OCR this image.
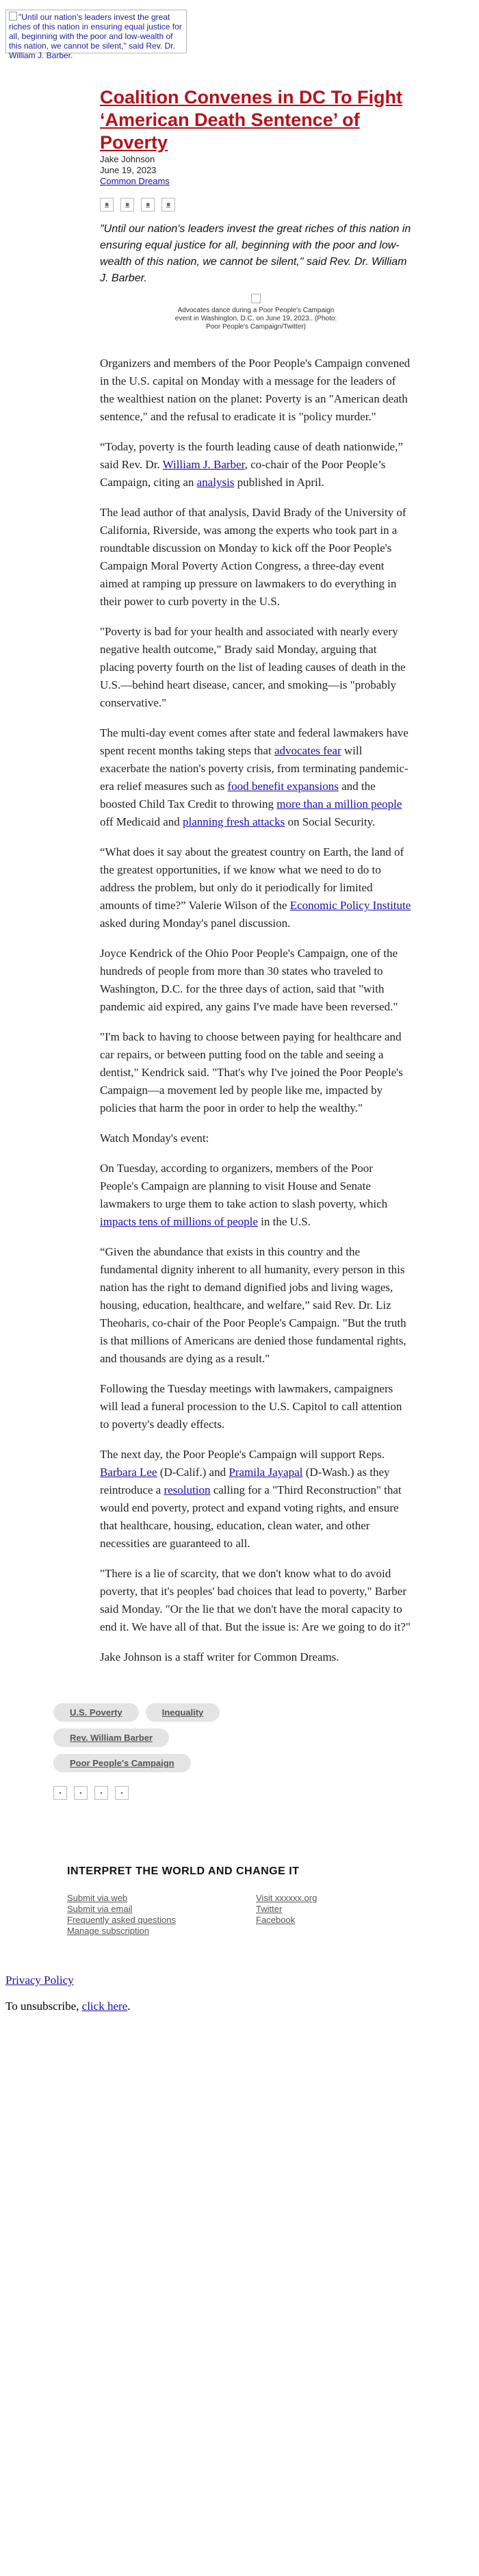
"Until our nation's leaders invest the great riches of this nation in ensuring equal justice for all, beginning with the poor and low-wealth of this nation, we cannot be silent," said Rev. Dr. William J. Barber.
Coalition Convenes in DC To Fight ‘American Death Sentence’ of Poverty
Jake Johnson
June 19, 2023
Common Dreams
▪	▪	▪	▪

"Until our nation's leaders invest the great riches of this nation in ensuring equal justice for all, beginning with the poor and low-wealth of this nation, we cannot be silent," said Rev. Dr. William J. Barber.

Advocates dance during a Poor People's Campaign event in Washington, D.C. on June 19, 2023.. (Photo: Poor People's Campaign/Twitter)

Organizers and members of the Poor People's Campaign convened in the U.S. capital on Monday with a message for the leaders of the wealthiest nation on the planet: Poverty is an "American death sentence," and the refusal to eradicate it is "policy murder."

“Today, poverty is the fourth leading cause of death nationwide,” said Rev. Dr. William J. Barber, co-chair of the Poor People’s Campaign, citing an analysis published in April.

The lead author of that analysis, David Brady of the University of California, Riverside, was among the experts who took part in a roundtable discussion on Monday to kick off the Poor People's Campaign Moral Poverty Action Congress, a three-day event aimed at ramping up pressure on lawmakers to do everything in their power to curb poverty in the U.S.

"Poverty is bad for your health and associated with nearly every negative health outcome," Brady said Monday, arguing that placing poverty fourth on the list of leading causes of death in the U.S.—behind heart disease, cancer, and smoking—is "probably conservative."

The multi-day event comes after state and federal lawmakers have spent recent months taking steps that advocates fear will exacerbate the nation's poverty crisis, from terminating pandemic-era relief measures such as food benefit expansions and the boosted Child Tax Credit to throwing more than a million people off Medicaid and planning fresh attacks on Social Security.

“What does it say about the greatest country on Earth, the land of the greatest opportunities, if we know what we need to do to address the problem, but only do it periodically for limited amounts of time?” Valerie Wilson of the Economic Policy Institute asked during Monday's panel discussion.

Joyce Kendrick of the Ohio Poor People's Campaign, one of the hundreds of people from more than 30 states who traveled to Washington, D.C. for the three days of action, said that "with pandemic aid expired, any gains I've made have been reversed."

"I'm back to having to choose between paying for healthcare and car repairs, or between putting food on the table and seeing a dentist," Kendrick said. "That's why I've joined the Poor People's Campaign—a movement led by people like me, impacted by policies that harm the poor in order to help the wealthy."

Watch Monday's event:

On Tuesday, according to organizers, members of the Poor People's Campaign are planning to visit House and Senate lawmakers to urge them to take action to slash poverty, which impacts tens of millions of people in the U.S.

“Given the abundance that exists in this country and the fundamental dignity inherent to all humanity, every person in this nation has the right to demand dignified jobs and living wages, housing, education, healthcare, and welfare,” said Rev. Dr. Liz Theoharis, co-chair of the Poor People's Campaign. "But the truth is that millions of Americans are denied those fundamental rights, and thousands are dying as a result."

Following the Tuesday meetings with lawmakers, campaigners will lead a funeral procession to the U.S. Capitol to call attention to poverty's deadly effects.

The next day, the Poor People's Campaign will support Reps. Barbara Lee (D-Calif.) and Pramila Jayapal (D-Wash.) as they reintroduce a resolution calling for a "Third Reconstruction" that would end poverty, protect and expand voting rights, and ensure that healthcare, housing, education, clean water, and other necessities are guaranteed to all.

"There is a lie of scarcity, that we don't know what to do avoid poverty, that it's peoples' bad choices that lead to poverty," Barber said Monday. "Or the lie that we don't have the moral capacity to end it. We have all of that. But the issue is: Are we going to do it?"

Jake Johnson is a staff writer for Common Dreams.

U.S. Poverty	Inequality
Rev. William Barber
Poor People's Campaign
▪	▪	▪	▪
INTERPRET THE WORLD AND CHANGE IT
Submit via web
Submit via email
Frequently asked questions
Manage subscription
Visit xxxxxx.org
Twitter
Facebook
Privacy Policy
To unsubscribe, click here.
